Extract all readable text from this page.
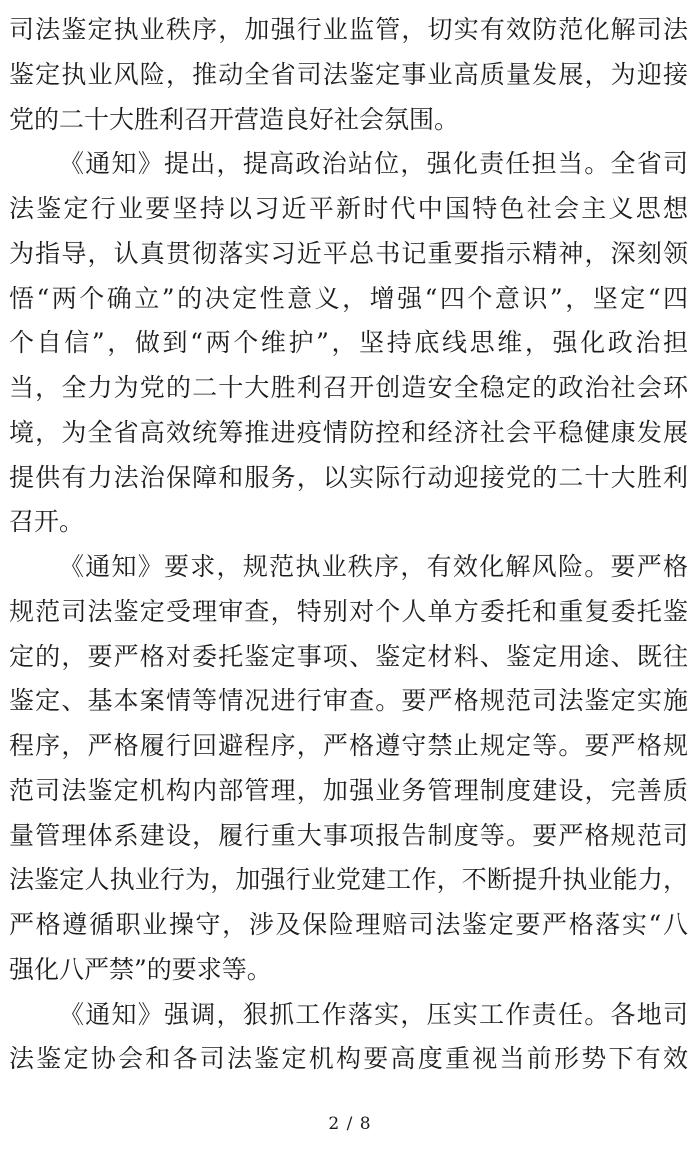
司法鉴定执业秩序，加强行业监管，切实有效防范化解司法
鉴定执业风险，推动全省司法鉴定事业高质量发展，为迎接
党的二十大胜利召开营造良好社会氛围。
《通知》提出，提高政治站位，强化责任担当。全省司
法鉴定行业要坚持以习近平新时代中国特色社会主义思想
为指导，认真贯彻落实习近平总书记重要指示精神，深刻领
悟“两个确立”的决定性意义，增强“四个意识”，坚定“四
个自信”，做到“两个维护”，坚持底线思维，强化政治担
当，全力为党的二十大胜利召开创造安全稳定的政治社会环
境，为全省高效统筹推进疫情防控和经济社会平稳健康发展
提供有力法治保障和服务，以实际行动迎接党的二十大胜利
召开。
《通知》要求，规范执业秩序，有效化解风险。要严格
规范司法鉴定受理审查，特别对个人单方委托和重复委托鉴
定的，要严格对委托鉴定事项、鉴定材料、鉴定用途、既往
鉴定、基本案情等情况进行审查。要严格规范司法鉴定实施
程序，严格履行回避程序，严格遵守禁止规定等。要严格规
范司法鉴定机构内部管理，加强业务管理制度建设，完善质
量管理体系建设，履行重大事项报告制度等。要严格规范司
法鉴定人执业行为，加强行业党建工作，不断提升执业能力，
严格遵循职业操守，涉及保险理赔司法鉴定要严格落实“八
强化八严禁”的要求等。
《通知》强调，狠抓工作落实，压实工作责任。各地司
法鉴定协会和各司法鉴定机构要高度重视当前形势下有效
2 / 8
